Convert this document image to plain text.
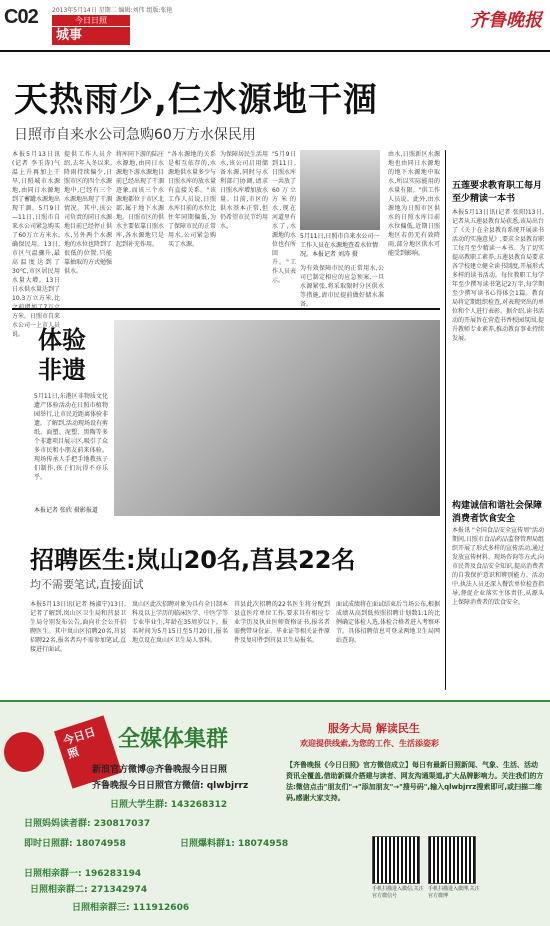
C02 2013年5月14日 星期二 编辑:刘伟 组版:张艳
今日日照
城事
齐鲁晚报
天热雨少,仨水源地干涸
日照市自来水公司急购60万方水保民用
本报5月13日讯(记者 李玉涛)气温上升再加上干旱,日照城市水源地,由同日水源地到了蓄罐水源地出现干涸。5月9日—11日,日照市自来水公司紧急购买了60万立方米水,确保民用。13日,市区气温骤升,最高温度达到了30℃,市区居民用水量大增。13日日水供水量达到了10.3万立方米,比 方米。日照市自来水公司一上市人员说。
提供工作人员介绍,去年入冬以来,降雨持续偏少,日照市区的四个水源地中,已经有三个水源地出现了干涸情况。其中,该公司负责的同日水源地目前已经停止供水,另外两个水源地的水位也降到了很低的位置,只能靠抽取的方式勉强供水。
将库同下游的陆庄水源地,由同日水源地下游水源地目前已经出现了干涸迹象,而该三个水源地都位于市区北部,属于地下水源地。日照市区的供水主要依靠日照水库,各水源地只是起到补充作用。
"各水源地的关系是相互依存的,水源地供水量多少与日照水库的放水量有直接关系。"该工作人员说,日照水库目前的水位比往年同期偏低,为了保障市民的正常用水,公司紧急购买了水源。
为保障居民生活用水,该公司启用储备水源,同时与水利部门协调,请求日照水库增加放水量。目前,市区的供水基本正常,但仍希望市民节约用水。
由水,日照新区水源地也由同日水源地的地下水源地中取水,所以实际能用的水量有限。"供工作人员说。此外,由水源地为日照市区供水的日照水库目前水位偏低,近期日照地区若仍无有效降雨,部分地区供水可能受到影响。
5月11日,日照市自来水公司一工作人员在水源地查看水位情况。本报记者 刘涛 摄
为有效保障市民的正常用水,公司已制定相应的应急预案,一旦水源紧张,将采取限时分区供水等措施,请市民提前做好储水准备。
"5月9日到11日,日照水库一共放了60万立方米的水,现在河道里有水了,水源地的水位也有所回升。"工作人员表示。
五莲要求教育职工每月至少精读一本书
本报5月13日讯(记者 张阳)13日,记者从五莲县教育局获悉,该局出台了《关于在全县教育系统开展读书活动的实施意见》,要求全县教育职工每月至少精读一本书。为了切实提高教职工素养,五莲县教育局要求各学校建立健全读书制度,开展形式多样的读书活动。每位教职工每学年至少撰写读书笔记2万字,每学期至少撰写读书心得体会1篇。教育局将定期组织检查,对表现突出的单位和个人进行表彰。据介绍,读书活动的开展旨在营造书香校园氛围,提升教师专业素养,推动教育事业持续发展。
构建诚信和谐社会保障消费者饮食安全
本报讯 "全国食品安全宣传周"活动期间,日照市食品药品监督管理局组织开展了形式多样的宣传活动,通过发放宣传材料、现场咨询等方式,向市民普及食品安全知识,提高消费者的自我保护意识和辨别能力。活动中,执法人员还深入餐饮单位检查指导,督促企业落实主体责任,从源头上保障消费者的饮食安全。
体验非遗
5月11日,东港区非物质文化遗产体验活动在日照市植物园举行,让市民近距离体验非遗。了解到,活动现场设有剪纸、面塑、泥塑、黑陶等多个非遗项目展示区,吸引了众多市民和小朋友前来体验。现场传承人手把手地教孩子们制作,孩子们玩得不亦乐乎。
本报记者 张欣 摄影报道
招聘医生:岚山20名,莒县22名
均不需要笔试,直接面试
本报5月13日讯(记者 杨淑宁)13日,记者了解到,岚山区卫生局和莒县卫生局分别发布公告,面向社会公开招聘医生。其中岚山区招聘20名,莒县招聘22名,报名者均不需参加笔试,直接进行面试。
岚山区此次招聘对象为具有全日制本科及以上学历的临床医学、中医学等专业毕业生,年龄在35周岁以下。报名时间为5月15日至5月20日,报名地点设在岚山区卫生局人事科。
莒县此次招聘的22名医生将分配到县直医疗单位工作,要求具有相应专业学历及执业医师资格证书,报名者需携带身份证、毕业证等相关证件原件及复印件到莒县卫生局报名。
面试成绩将在面试结束后当场公布,根据成绩从高到低按照招聘计划数1:1的比例确定体检人选,体检合格者进入考察环节。具体招聘信息可登录两地卫生局网站查询。
今日日照
全媒体集群
新浪官方微博@齐鲁晚报今日日照
齐鲁晚报今日日照官方微信: qlwbjrrz
日照大学生群: 143268312
日照妈妈读者群: 230817037
即时日照群: 18074958	日照爆料群1: 18074958
日照相亲群一: 196283194
日照相亲群二: 271342974
日照相亲群三: 111912606
服务大局 解读民生
欢迎提供线索,为您的工作、生活添姿彩
【齐鲁晚报《今日日照》官方微信成立】每日有最新日照新闻、气象、生活、活动资讯全覆盖,借助新媒介搭建与读者、网友沟通渠道,扩大品牌影响力。关注我们的方法:微信点击"朋友们"→"添加朋友"→"搜号码",输入qlwbjrrz搜索即可,或扫描二维码,感谢大家支持。
手机扫描进入微信,关注官方微信号
手机扫描进入微博,关注官方微博
